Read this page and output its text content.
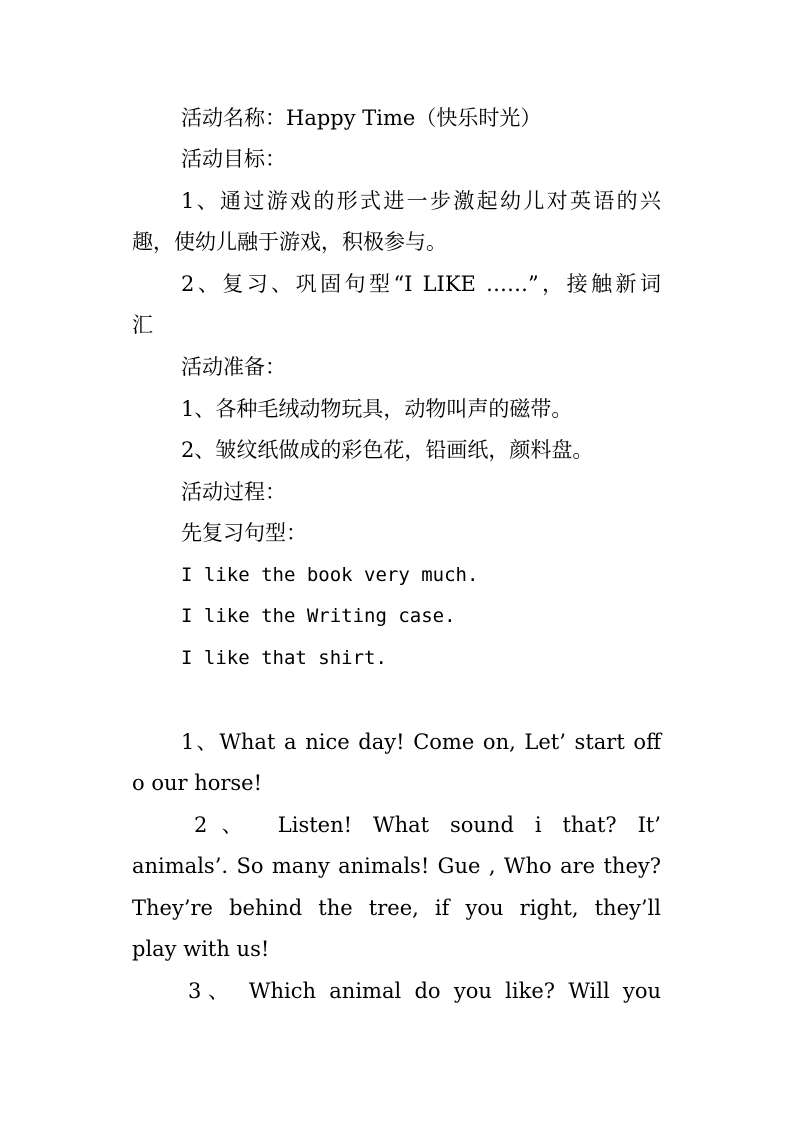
活动名称：Happy Time（快乐时光）
活动目标：
1、通过游戏的形式进一步激起幼儿对英语的兴
趣，使幼儿融于游戏，积极参与。
2、复习、巩固句型“I LIKE ……”，接触新词
汇
活动准备：
1、各种毛绒动物玩具，动物叫声的磁带。
2、皱纹纸做成的彩色花，铅画纸，颜料盘。
活动过程：
先复习句型：
I like the book very much.
I like the Writing case.
I like that shirt.
1、What a nice day! Come on, Let’ start off
o our horse!
2、 Listen! What sound i that? It’
animals’. So many animals! Gue , Who are they?
They’re behind the tree, if you right, they’ll
play with us!
3、 Which animal do you like? Will you
